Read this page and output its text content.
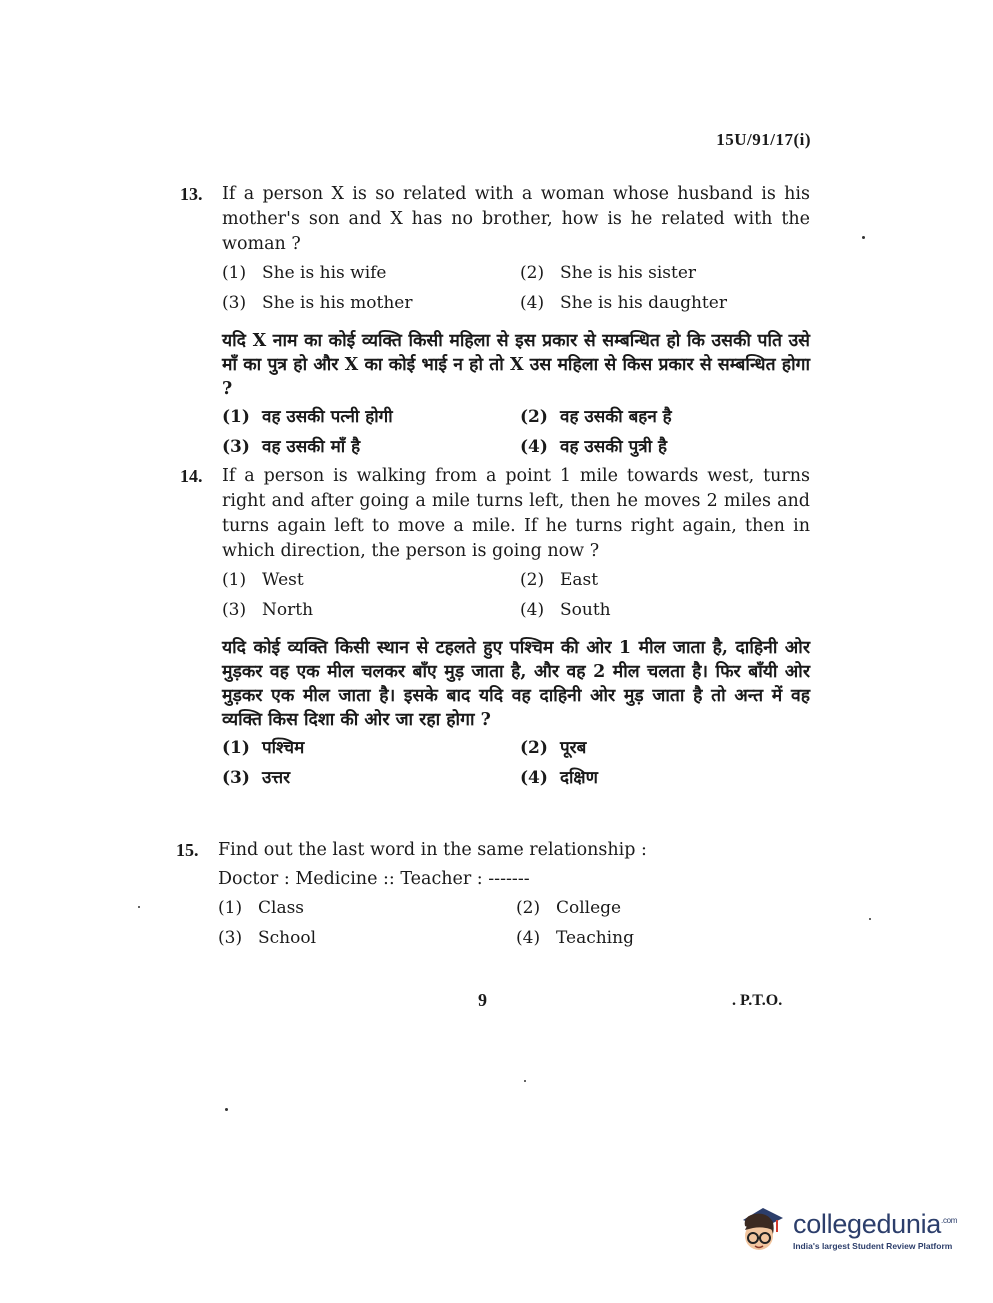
15U/91/17(i)
13.	If a person X is so related with a woman whose husband is his mother's son and X has no brother, how is he related with the woman ?
(1) She is his wife	(2) She is his sister
(3) She is his mother	(4) She is his daughter
यदि X नाम का कोई व्यक्ति किसी महिला से इस प्रकार से सम्बन्धित हो कि उसकी पति उसे माँ का पुत्र हो और X का कोई भाई न हो तो X उस महिला से किस प्रकार से सम्बन्धित होगा ?
(1) वह उसकी पत्नी होगी	(2) वह उसकी बहन है
(3) वह उसकी माँ है	(4) वह उसकी पुत्री है
14.	If a person is walking from a point 1 mile towards west, turns right and after going a mile turns left, then he moves 2 miles and turns again left to move a mile. If he turns right again, then in which direction, the person is going now ?
(1) West	(2) East
(3) North	(4) South
यदि कोई व्यक्ति किसी स्थान से टहलते हुए पश्चिम की ओर 1 मील जाता है, दाहिनी ओर मुड़कर वह एक मील चलकर बाँए मुड़ जाता है, और वह 2 मील चलता है। फिर बाँयी ओर मुड़कर एक मील जाता है। इसके बाद यदि वह दाहिनी ओर मुड़ जाता है तो अन्त में वह व्यक्ति किस दिशा की ओर जा रहा होगा ?
(1) पश्चिम	(2) पूरब
(3) उत्तर	(4) दक्षिण
15.	Find out the last word in the same relationship :
Doctor : Medicine :: Teacher : -------
(1) Class	(2) College
(3) School	(4) Teaching
9	. P.T.O.
collegedunia$^{.com}$
India's largest Student Review Platform
